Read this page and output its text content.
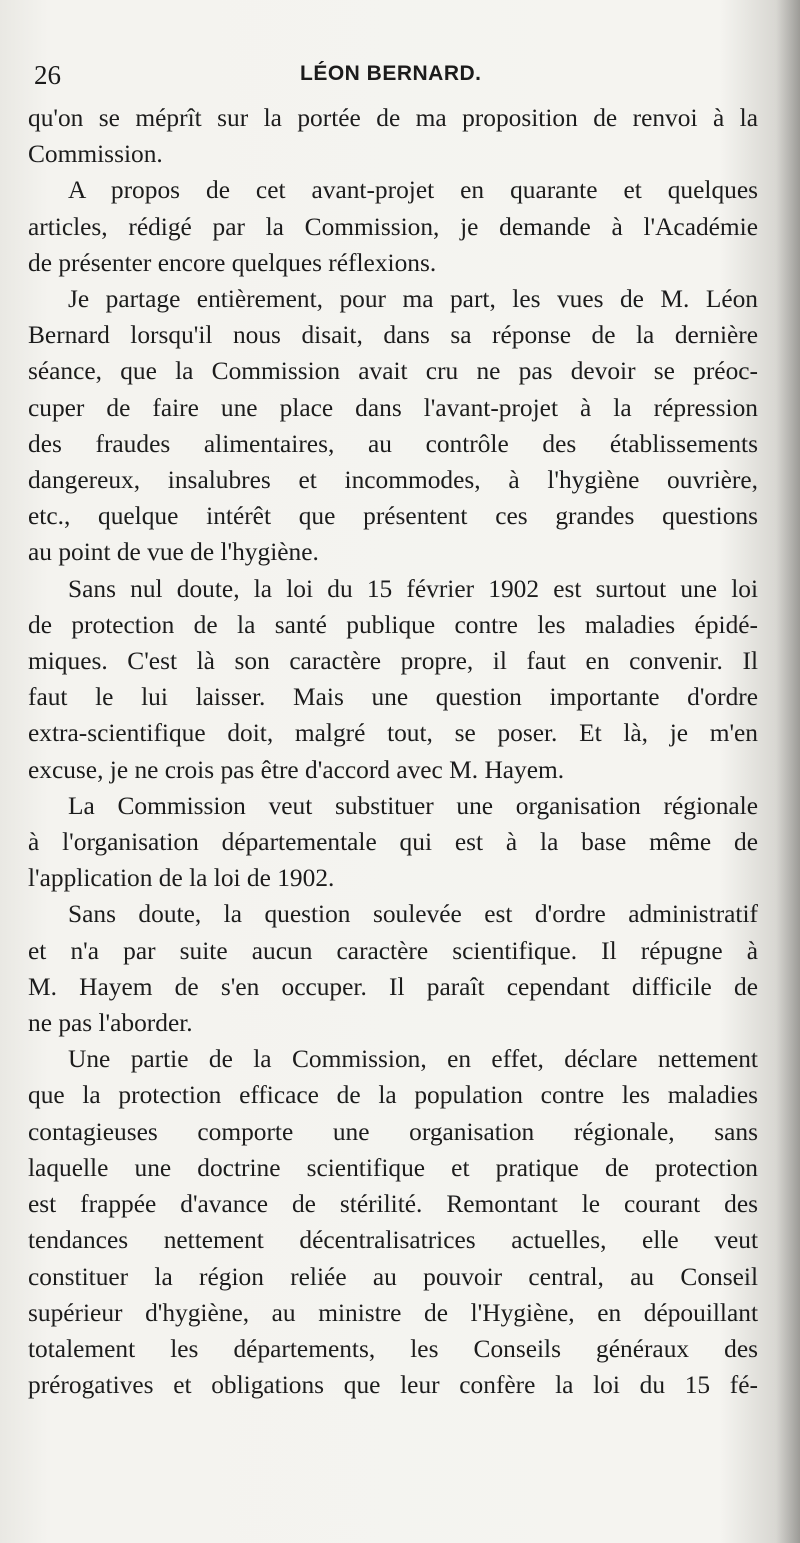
26	LÉON BERNARD.
qu'on se méprît sur la portée de ma proposition de renvoi à la
Commission.
A propos de cet avant-projet en quarante et quelques
articles, rédigé par la Commission, je demande à l'Académie
de présenter encore quelques réflexions.
Je partage entièrement, pour ma part, les vues de M. Léon
Bernard lorsqu'il nous disait, dans sa réponse de la dernière
séance, que la Commission avait cru ne pas devoir se préoc-
cuper de faire une place dans l'avant-projet à la répression
des fraudes alimentaires, au contrôle des établissements
dangereux, insalubres et incommodes, à l'hygiène ouvrière,
etc., quelque intérêt que présentent ces grandes questions
au point de vue de l'hygiène.
Sans nul doute, la loi du 15 février 1902 est surtout une loi
de protection de la santé publique contre les maladies épidé-
miques. C'est là son caractère propre, il faut en convenir. Il
faut le lui laisser. Mais une question importante d'ordre
extra-scientifique doit, malgré tout, se poser. Et là, je m'en
excuse, je ne crois pas être d'accord avec M. Hayem.
La Commission veut substituer une organisation régionale
à l'organisation départementale qui est à la base même de
l'application de la loi de 1902.
Sans doute, la question soulevée est d'ordre administratif
et n'a par suite aucun caractère scientifique. Il répugne à
M. Hayem de s'en occuper. Il paraît cependant difficile de
ne pas l'aborder.
Une partie de la Commission, en effet, déclare nettement
que la protection efficace de la population contre les maladies
contagieuses comporte une organisation régionale, sans
laquelle une doctrine scientifique et pratique de protection
est frappée d'avance de stérilité. Remontant le courant des
tendances nettement décentralisatrices actuelles, elle veut
constituer la région reliée au pouvoir central, au Conseil
supérieur d'hygiène, au ministre de l'Hygiène, en dépouillant
totalement les départements, les Conseils généraux des
prérogatives et obligations que leur confère la loi du 15 fé-
